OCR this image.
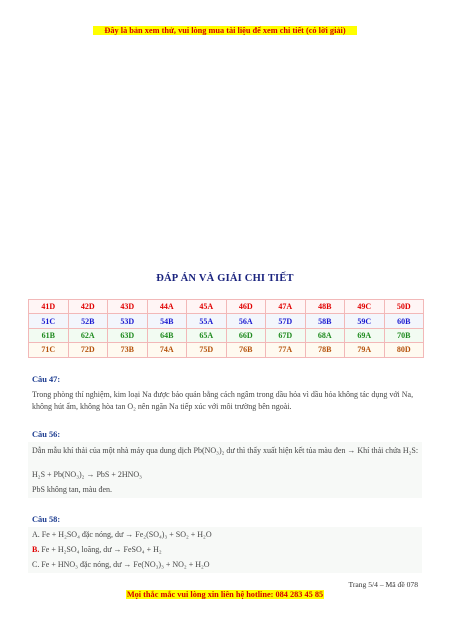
Đây là bản xem thử, vui lòng mua tài liệu để xem chi tiết (có lời giải)
ĐÁP ÁN VÀ GIẢI CHI TIẾT
41D	42D	43D	44A	45A	46D	47A	48B	49C	50D
51C	52B	53D	54B	55A	56A	57D	58B	59C	60B
61B	62A	63D	64B	65A	66D	67D	68A	69A	70B
71C	72D	73B	74A	75D	76B	77A	78B	79A	80D
Câu 47:
Trong phòng thí nghiệm, kim loại Na được bảo quản bằng cách ngâm trong dầu hỏa vì dầu hỏa không tác dụng với Na, không hút ẩm, không hòa tan O₂ nên ngăn Na tiếp xúc với môi trường bên ngoài.
Câu 56:
Dẫn mẫu khí thải của một nhà máy qua dung dịch Pb(NO₃)₂ dư thì thấy xuất hiện kết tủa màu đen → Khí thải chứa H₂S:
H₂S + Pb(NO₃)₂ → PbS + 2HNO₃
PbS không tan, màu đen.
Câu 58:
A. Fe + H₂SO₄ đặc nóng, dư → Fe₂(SO₄)₃ + SO₂ + H₂O
B. Fe + H₂SO₄ loãng, dư → FeSO₄ + H₂
C. Fe + HNO₃ đặc nóng, dư → Fe(NO₃)₃ + NO₂ + H₂O
Trang 5/4 – Mã đề 078
Mọi thắc mắc vui lòng xin liên hệ hotline: 084 283 45 85
